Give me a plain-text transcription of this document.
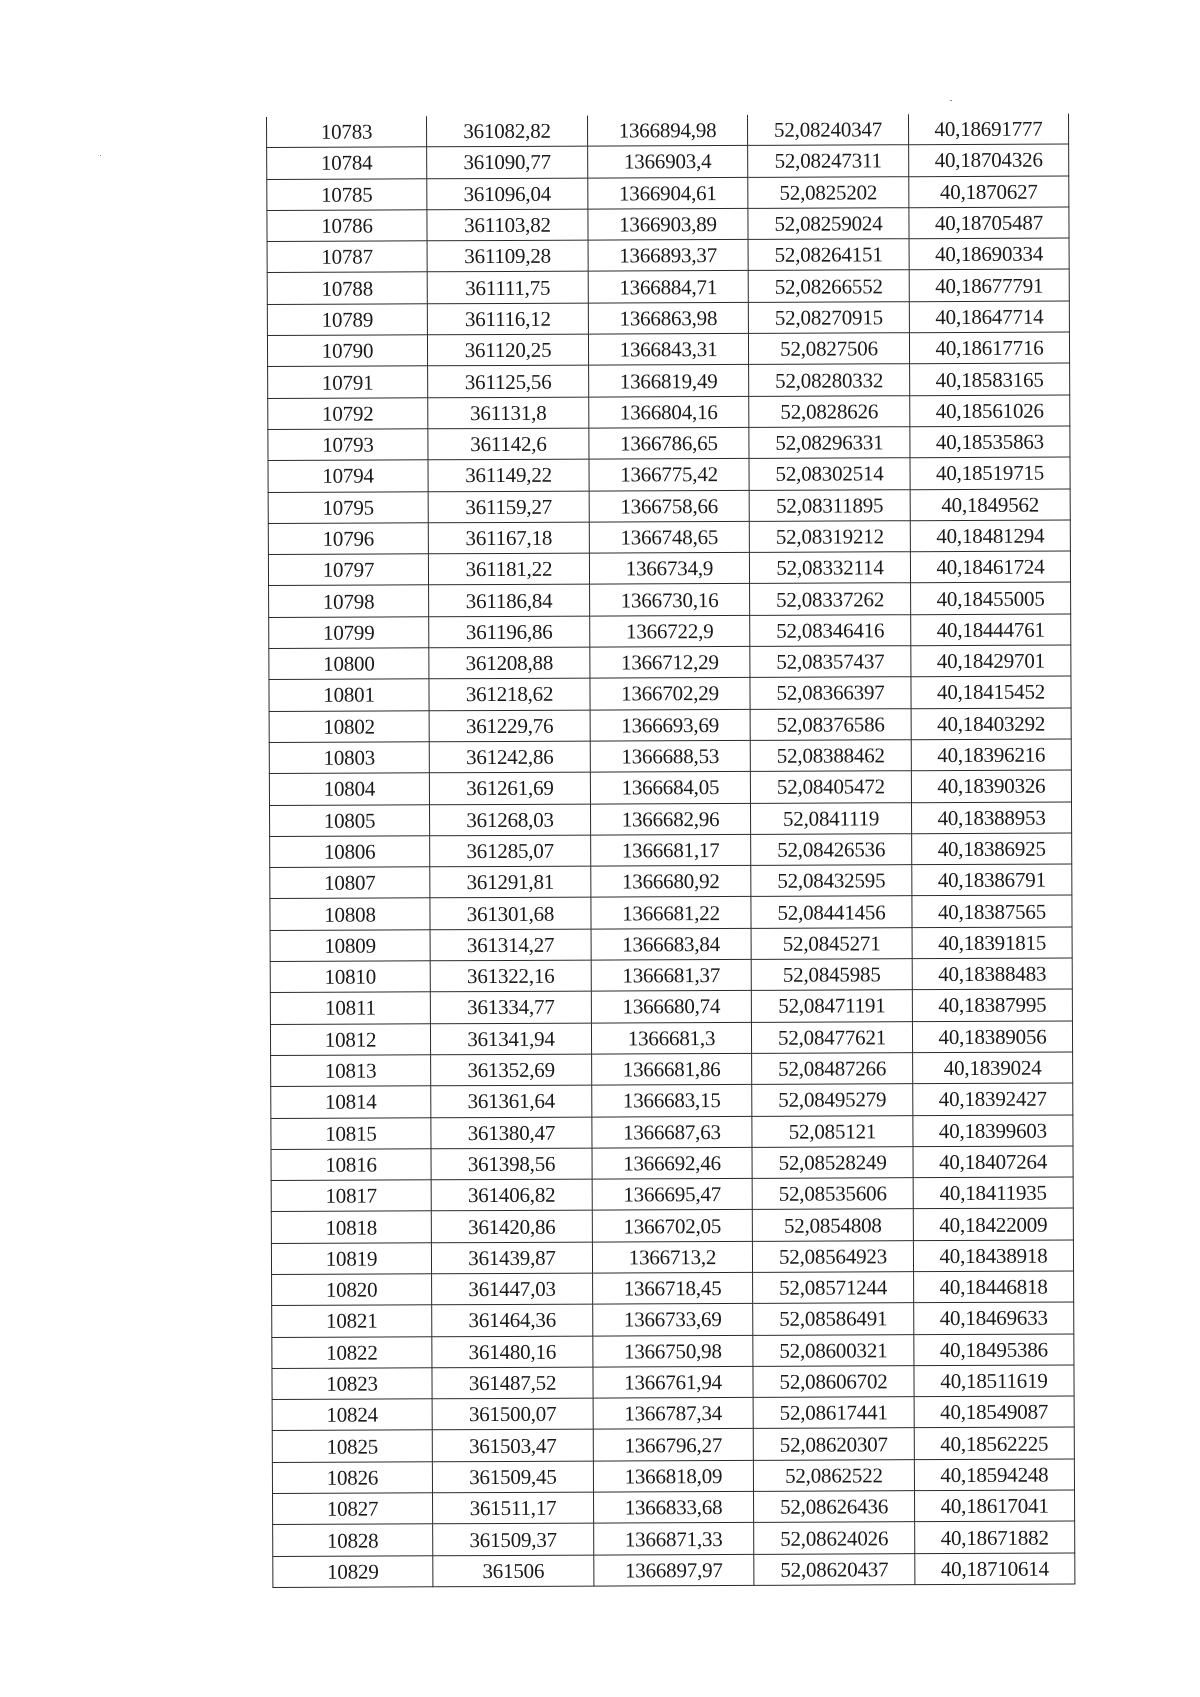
10783	361082,82	1366894,98	52,08240347	40,18691777
10784	361090,77	1366903,4	52,08247311	40,18704326
10785	361096,04	1366904,61	52,0825202	40,1870627
10786	361103,82	1366903,89	52,08259024	40,18705487
10787	361109,28	1366893,37	52,08264151	40,18690334
10788	361111,75	1366884,71	52,08266552	40,18677791
10789	361116,12	1366863,98	52,08270915	40,18647714
10790	361120,25	1366843,31	52,0827506	40,18617716
10791	361125,56	1366819,49	52,08280332	40,18583165
10792	361131,8	1366804,16	52,0828626	40,18561026
10793	361142,6	1366786,65	52,08296331	40,18535863
10794	361149,22	1366775,42	52,08302514	40,18519715
10795	361159,27	1366758,66	52,08311895	40,1849562
10796	361167,18	1366748,65	52,08319212	40,18481294
10797	361181,22	1366734,9	52,08332114	40,18461724
10798	361186,84	1366730,16	52,08337262	40,18455005
10799	361196,86	1366722,9	52,08346416	40,18444761
10800	361208,88	1366712,29	52,08357437	40,18429701
10801	361218,62	1366702,29	52,08366397	40,18415452
10802	361229,76	1366693,69	52,08376586	40,18403292
10803	361242,86	1366688,53	52,08388462	40,18396216
10804	361261,69	1366684,05	52,08405472	40,18390326
10805	361268,03	1366682,96	52,0841119	40,18388953
10806	361285,07	1366681,17	52,08426536	40,18386925
10807	361291,81	1366680,92	52,08432595	40,18386791
10808	361301,68	1366681,22	52,08441456	40,18387565
10809	361314,27	1366683,84	52,0845271	40,18391815
10810	361322,16	1366681,37	52,0845985	40,18388483
10811	361334,77	1366680,74	52,08471191	40,18387995
10812	361341,94	1366681,3	52,08477621	40,18389056
10813	361352,69	1366681,86	52,08487266	40,1839024
10814	361361,64	1366683,15	52,08495279	40,18392427
10815	361380,47	1366687,63	52,085121	40,18399603
10816	361398,56	1366692,46	52,08528249	40,18407264
10817	361406,82	1366695,47	52,08535606	40,18411935
10818	361420,86	1366702,05	52,0854808	40,18422009
10819	361439,87	1366713,2	52,08564923	40,18438918
10820	361447,03	1366718,45	52,08571244	40,18446818
10821	361464,36	1366733,69	52,08586491	40,18469633
10822	361480,16	1366750,98	52,08600321	40,18495386
10823	361487,52	1366761,94	52,08606702	40,18511619
10824	361500,07	1366787,34	52,08617441	40,18549087
10825	361503,47	1366796,27	52,08620307	40,18562225
10826	361509,45	1366818,09	52,0862522	40,18594248
10827	361511,17	1366833,68	52,08626436	40,18617041
10828	361509,37	1366871,33	52,08624026	40,18671882
10829	361506	1366897,97	52,08620437	40,18710614
